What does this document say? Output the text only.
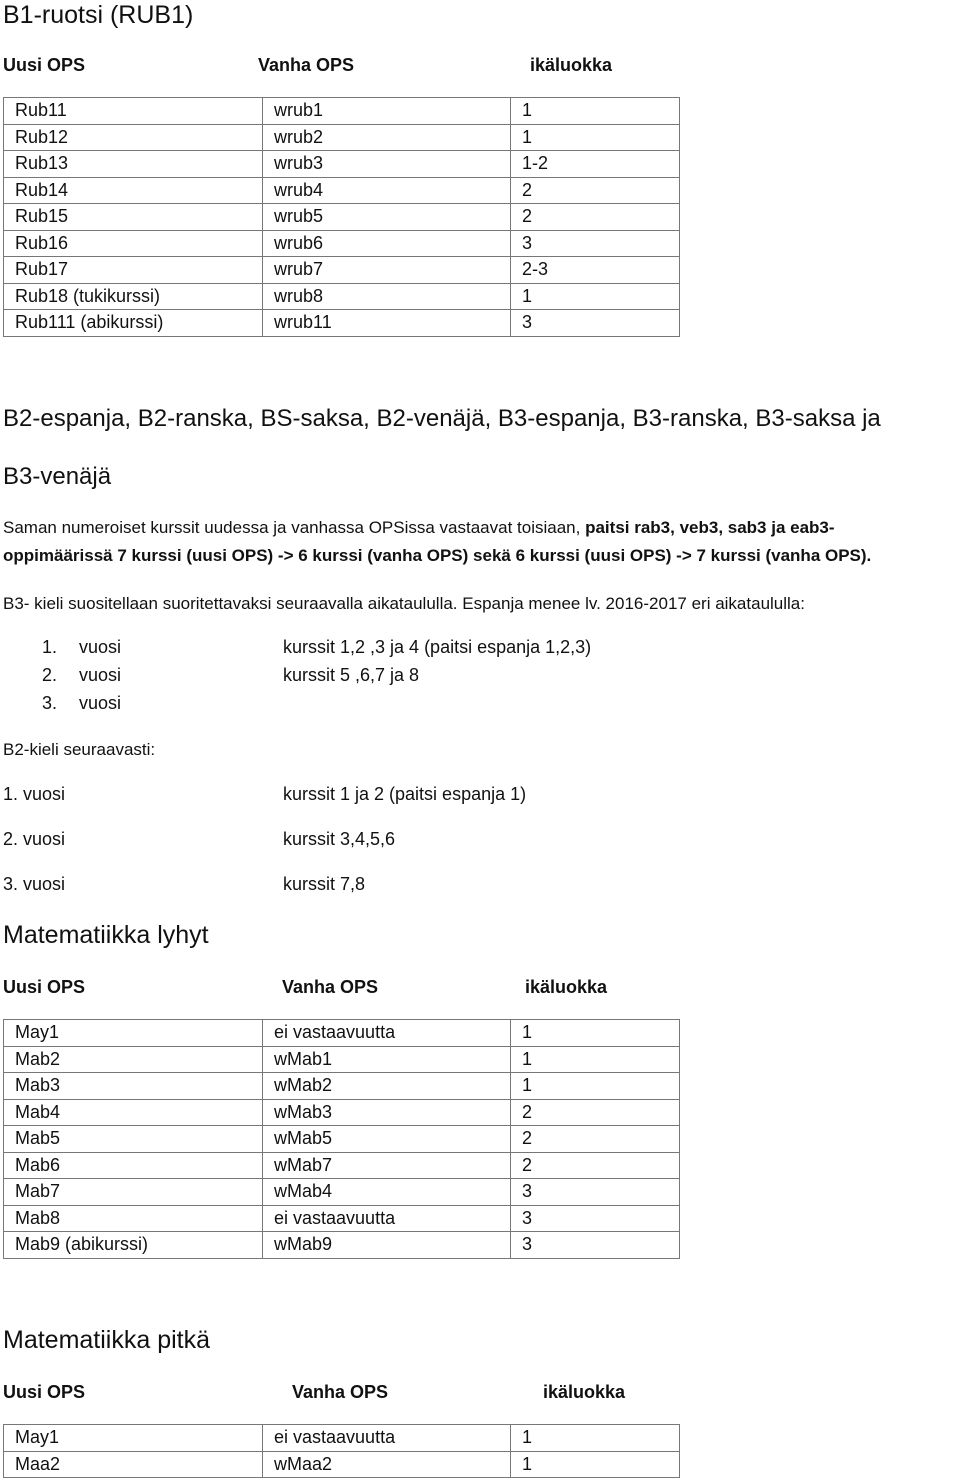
B1-ruotsi (RUB1)
Uusi OPS	Vanha OPS	ikäluokka
Rub11	wrub1	1
Rub12	wrub2	1
Rub13	wrub3	1-2
Rub14	wrub4	2
Rub15	wrub5	2
Rub16	wrub6	3
Rub17	wrub7	2-3
Rub18 (tukikurssi)	wrub8	1
Rub111 (abikurssi)	wrub11	3
B2-espanja, B2-ranska, BS-saksa, B2-venäjä, B3-espanja, B3-ranska, B3-saksa ja
B3-venäjä
Saman numeroiset kurssit uudessa ja vanhassa OPSissa vastaavat toisiaan, paitsi rab3, veb3, sab3 ja eab3-
oppimäärissä 7 kurssi (uusi OPS) -> 6 kurssi (vanha OPS) sekä 6 kurssi (uusi OPS) -> 7 kurssi (vanha OPS).
B3- kieli suositellaan suoritettavaksi seuraavalla aikataululla. Espanja menee lv. 2016-2017 eri aikataululla:
1. vuosi	kurssit 1,2 ,3 ja 4 (paitsi espanja 1,2,3)
2. vuosi	kurssit 5 ,6,7 ja 8
3. vuosi
B2-kieli seuraavasti:
1. vuosi	kurssit 1 ja 2 (paitsi espanja 1)
2. vuosi	kurssit 3,4,5,6
3. vuosi	kurssit 7,8
Matematiikka lyhyt
Uusi OPS	Vanha OPS	ikäluokka
May1	ei vastaavuutta	1
Mab2	wMab1	1
Mab3	wMab2	1
Mab4	wMab3	2
Mab5	wMab5	2
Mab6	wMab7	2
Mab7	wMab4	3
Mab8	ei vastaavuutta	3
Mab9 (abikurssi)	wMab9	3
Matematiikka pitkä
Uusi OPS	Vanha OPS	ikäluokka
May1	ei vastaavuutta	1
Maa2	wMaa2	1
